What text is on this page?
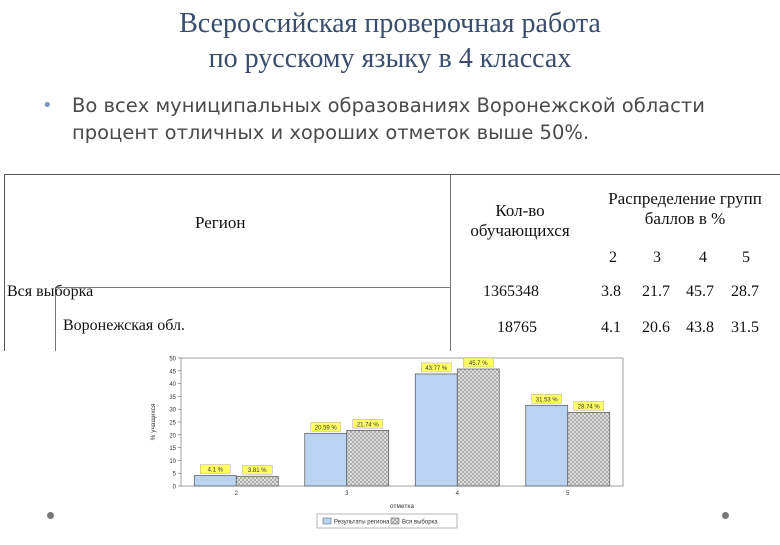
Всероссийская проверочная работа
по русскому языку в 4 классах
• Во всех муниципальных образованиях Воронежской области процент отличных и хороших отметок выше 50%.
Регион
Кол-во обучающихся
Распределение групп баллов в %
2 3 4 5
Вся выборка	1365348	3.8 21.7 45.7 28.7
Воронежская обл.	18765	4.1 20.6 43.8 31.5
0
5
10
15
20
25
30
35
40
45
50
% учащихся
4.1 %	3.81 %
2
20.59 %	21.74 %
3
43.77 %
45.7 %
4
31.53 %
28.74 %
5
отметка
Результаты региона Вся выборка
